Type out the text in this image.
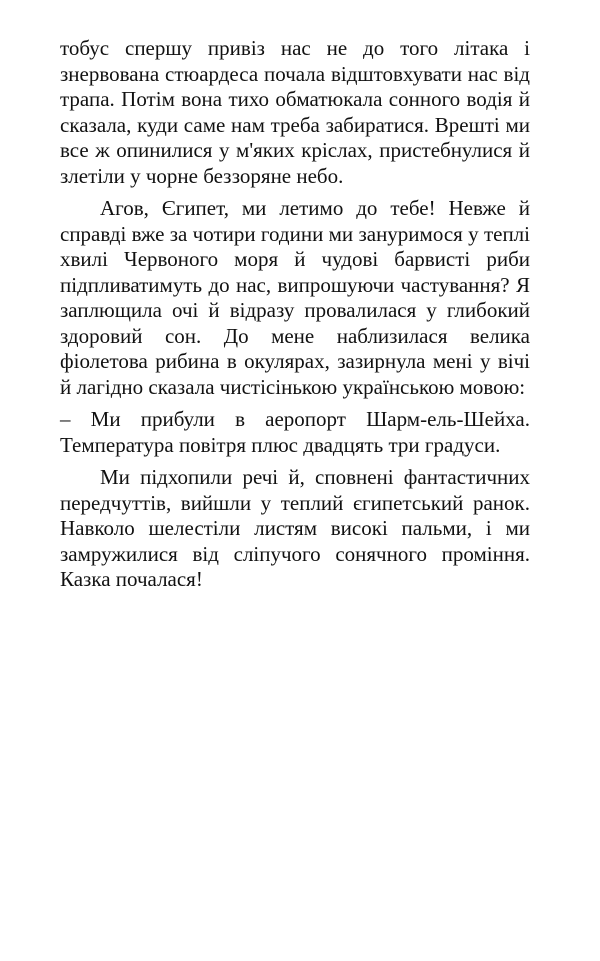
тобус спершу привіз нас не до того літака і знервована стюардеса почала відштовхувати нас від трапа. Потім вона тихо обматюкала сонного водія й сказала, куди саме нам треба забиратися. Врешті ми все ж опинилися у м'яких кріслах, пристебнулися й злетіли у чорне беззоряне небо.

Агов, Єгипет, ми летимо до тебе! Невже й справді вже за чотири години ми зануримося у теплі хвилі Червоного моря й чудові барвисті риби підпливатимуть до нас, випрошуючи частування? Я заплющила очі й відразу провалилася у глибокий здоровий сон. До мене наблизилася велика фіолетова рибина в окулярах, зазирнула мені у вічі й лагідно сказала чистісінькою українською мовою:

– Ми прибули в аеропорт Шарм-ель-Шейха. Температура повітря плюс двадцять три градуси.

Ми підхопили речі й, сповнені фантастичних передчуттів, вийшли у теплий єгипетський ранок. Навколо шелестіли листям високі пальми, і ми замружилися від сліпучого сонячного проміння. Казка почалася!
